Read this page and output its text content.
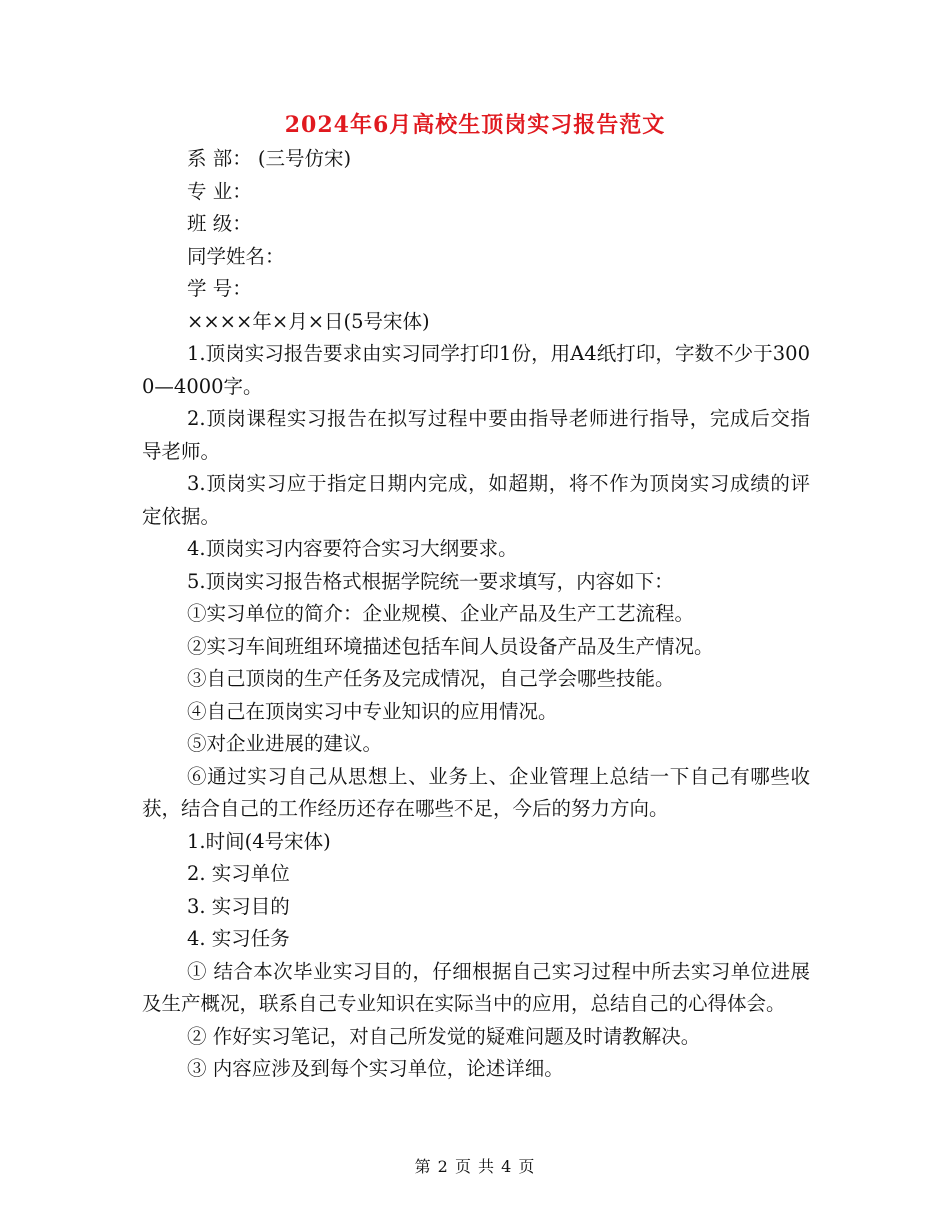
2024年6月高校生顶岗实习报告范文

系 部： (三号仿宋)

专 业：

班 级：

同学姓名：

学 号：

××××年×月×日(5号宋体)

1.顶岗实习报告要求由实习同学打印1份，用A4纸打印，字数不少于3000—4000字。

2.顶岗课程实习报告在拟写过程中要由指导老师进行指导，完成后交指导老师。

3.顶岗实习应于指定日期内完成，如超期，将不作为顶岗实习成绩的评定依据。

4.顶岗实习内容要符合实习大纲要求。

5.顶岗实习报告格式根据学院统一要求填写，内容如下：

①实习单位的简介：企业规模、企业产品及生产工艺流程。

②实习车间班组环境描述包括车间人员设备产品及生产情况。

③自己顶岗的生产任务及完成情况，自己学会哪些技能。

④自己在顶岗实习中专业知识的应用情况。

⑤对企业进展的建议。

⑥通过实习自己从思想上、业务上、企业管理上总结一下自己有哪些收获，结合自己的工作经历还存在哪些不足，今后的努力方向。

1.时间(4号宋体)

2. 实习单位

3. 实习目的

4. 实习任务

① 结合本次毕业实习目的，仔细根据自己实习过程中所去实习单位进展及生产概况，联系自己专业知识在实际当中的应用，总结自己的心得体会。

② 作好实习笔记，对自己所发觉的疑难问题及时请教解决。

③ 内容应涉及到每个实习单位，论述详细。

第 2 页 共 4 页
